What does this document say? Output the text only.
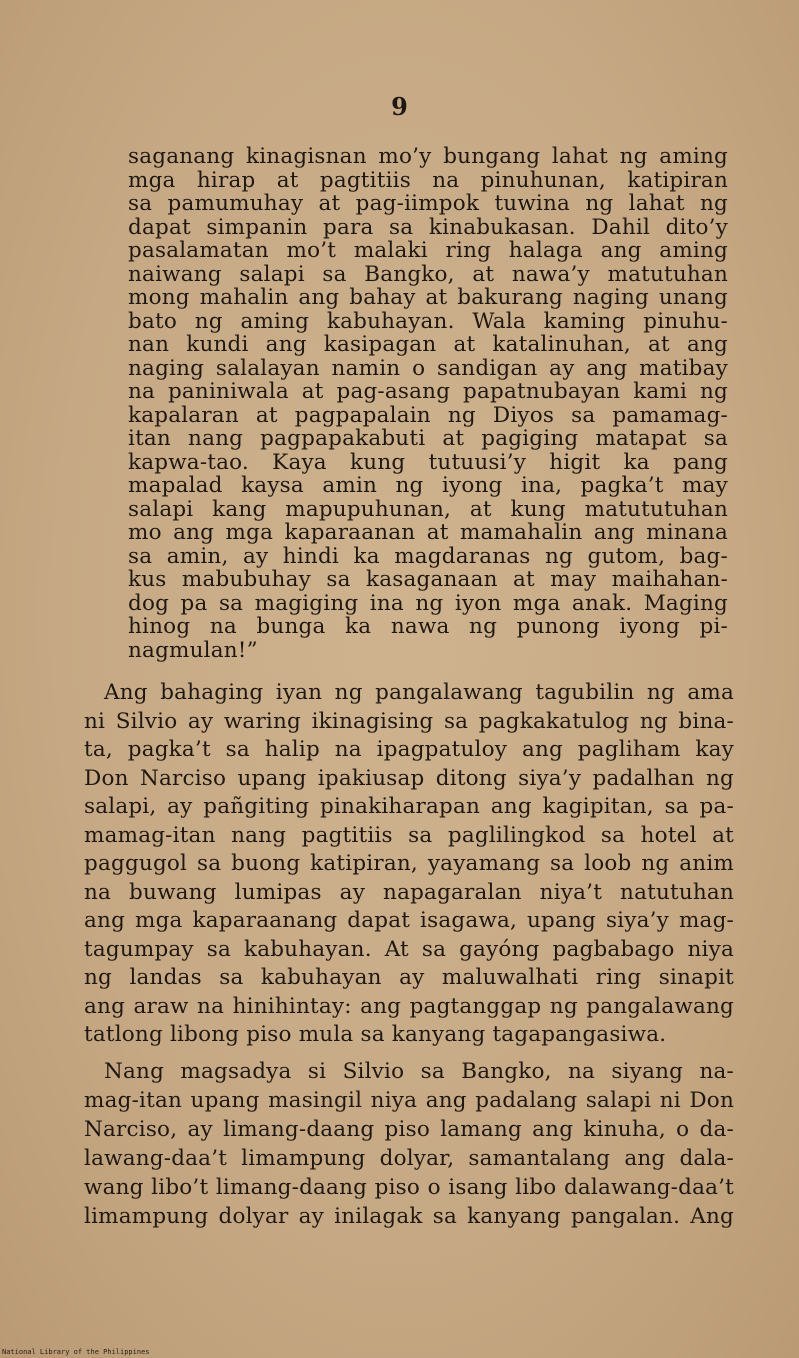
9
saganang kinagisnan mo’y bungang lahat ng aming
mga hirap at pagtitiis na pinuhunan, katipiran
sa pamumuhay at pag-iimpok tuwina ng lahat ng
dapat simpanin para sa kinabukasan. Dahil dito’y
pasalamatan mo’t malaki ring halaga ang aming
naiwang salapi sa Bangko, at nawa’y matutuhan
mong mahalin ang bahay at bakurang naging unang
bato ng aming kabuhayan. Wala kaming pinuhu-
nan kundi ang kasipagan at katalinuhan, at ang
naging salalayan namin o sandigan ay ang matibay
na paniniwala at pag-asang papatnubayan kami ng
kapalaran at pagpapalain ng Diyos sa pamamag-
itan nang pagpapakabuti at pagiging matapat sa
kapwa-tao. Kaya kung tutuusi’y higit ka pang
mapalad kaysa amin ng iyong ina, pagka’t may
salapi kang mapupuhunan, at kung matututuhan
mo ang mga kaparaanan at mamahalin ang minana
sa amin, ay hindi ka magdaranas ng gutom, bag-
kus mabubuhay sa kasaganaan at may maihahan-
dog pa sa magiging ina ng iyon mga anak. Maging
hinog na bunga ka nawa ng punong iyong pi-
nagmulan!”
Ang bahaging iyan ng pangalawang tagubilin ng ama
ni Silvio ay waring ikinagising sa pagkakatulog ng bina-
ta, pagka’t sa halip na ipagpatuloy ang pagliham kay
Don Narciso upang ipakiusap ditong siya’y padalhan ng
salapi, ay pañgiting pinakiharapan ang kagipitan, sa pa-
mamag-itan nang pagtitiis sa paglilingkod sa hotel at
paggugol sa buong katipiran, yayamang sa loob ng anim
na buwang lumipas ay napagaralan niya’t natutuhan
ang mga kaparaanang dapat isagawa, upang siya’y mag-
tagumpay sa kabuhayan. At sa gayóng pagbabago niya
ng landas sa kabuhayan ay maluwalhati ring sinapit
ang araw na hinihintay: ang pagtanggap ng pangalawang
tatlong libong piso mula sa kanyang tagapangasiwa.
Nang magsadya si Silvio sa Bangko, na siyang na-
mag-itan upang masingil niya ang padalang salapi ni Don
Narciso, ay limang-daang piso lamang ang kinuha, o da-
lawang-daa’t limampung dolyar, samantalang ang dala-
wang libo’t limang-daang piso o isang libo dalawang-daa’t
limampung dolyar ay inilagak sa kanyang pangalan. Ang
National Library of the Philippines
